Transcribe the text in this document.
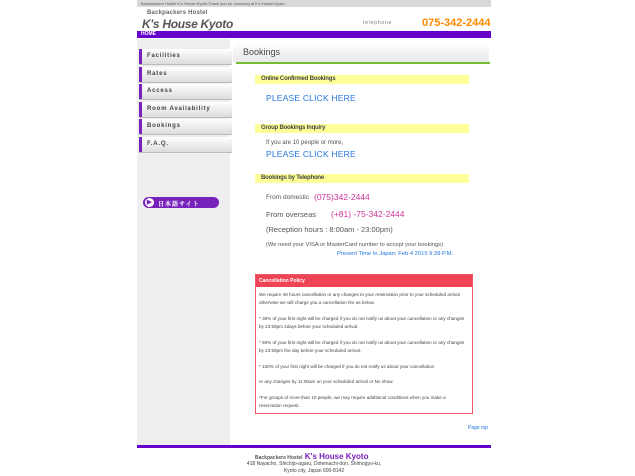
Backpackers Hostel K's House Kyoto:Thank you for choosing at K's House Kyoto.
Backpackers Hostel
K's House Kyoto	telephone	075-342-2444
HOME
Facilities
Rates
Access
Room Availability
Bookings
F.A.Q.
▶ 日本語サイト
Bookings
Online Confirmed Bookings
PLEASE CLICK HERE
Group Bookings Inquiry
If you are 10 people or more,
PLEASE CLICK HERE
Bookings by Telephone
From domestic (075)342-2444
From overseas (+81) -75-342-2444
(Reception hours : 8:00am - 23:00pm)
(We need your VISA or MasterCard number to accept your bookings)
Present Time In Japan: Feb 4 2015 9:39 P.M.
Cancellation Policy
We require 48 hours cancellation or any changes to your reservation prior to your scheduled arrival otherwise we will charge you a cancellation fee as below.
* 30% of your first night will be charged if you do not notify us about your cancellation or any changes by 23:59pm 2days before your scheduled arrival.
* 50% of your first night will be charged if you do not notify us about your cancellation or any changes by 23:59pm the day before your scheduled arrival.
* 100% of your first night will be charged if you do not notify us about your cancellation
or any changes by 11:00am on your scheduled arrival or No show.
*For groups of more than 10 people, we may require additional conditions when you make a reservation request.
Page top
Backpackers Hostel K's House Kyoto
418 Nayacho, Shichijo-agaru, Dotemachi-dori, Shimogyo-ku,
Kyoto city, Japan 600-8142
